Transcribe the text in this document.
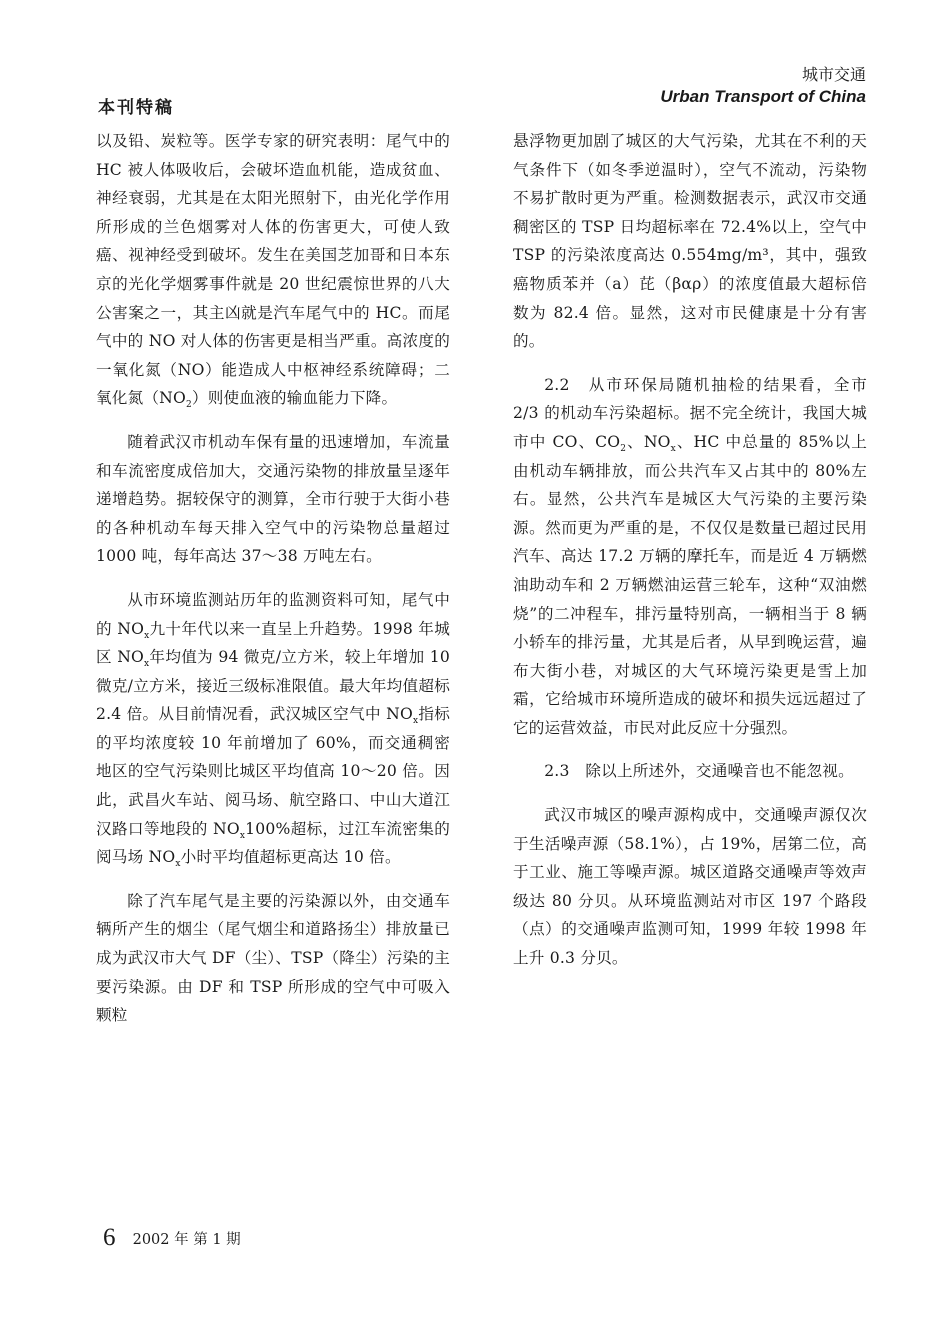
本刊特稿
城市交通
Urban Transport of China

以及铅、炭粒等。医学专家的研究表明：尾气中的 HC 被人体吸收后，会破坏造血机能，造成贫血、神经衰弱，尤其是在太阳光照射下，由光化学作用所形成的兰色烟雾对人体的伤害更大，可使人致癌、视神经受到破坏。发生在美国芝加哥和日本东京的光化学烟雾事件就是 20 世纪震惊世界的八大公害案之一，其主凶就是汽车尾气中的 HC。而尾气中的 NO 对人体的伤害更是相当严重。高浓度的一氧化氮（NO）能造成人中枢神经系统障碍；二氧化氮$(NO_2)$则使血液的输血能力下降。

随着武汉市机动车保有量的迅速增加，车流量和车流密度成倍加大，交通污染物的排放量呈逐年递增趋势。据较保守的测算，全市行驶于大街小巷的各种机动车每天排入空气中的污染物总量超过 1000 吨，每年高达 37～38 万吨左右。

从市环境监测站历年的监测资料可知，尾气中的 $NO_x$九十年代以来一直呈上升趋势。1998 年城区 $NO_x$年均值为 94 微克/立方米，较上年增加 10 微克/立方米，接近三级标准限值。最大年均值超标 2.4 倍。从目前情况看，武汉城区空气中 $NO_x$指标的平均浓度较 10 年前增加了 60%，而交通稠密地区的空气污染则比城区平均值高 10～20 倍。因此，武昌火车站、阅马场、航空路口、中山大道江汉路口等地段的 $NO_x100\%$超标，过江车流密集的阅马场 $NO_x$小时平均值超标更高达 10 倍。

除了汽车尾气是主要的污染源以外，由交通车辆所产生的烟尘（尾气烟尘和道路扬尘）排放量已成为武汉市大气 DF（尘）、TSP（降尘）污染的主要污染源。由 DF 和 TSP 所形成的空气中可吸入颗粒

悬浮物更加剧了城区的大气污染，尤其在不利的天气条件下（如冬季逆温时），空气不流动，污染物不易扩散时更为严重。检测数据表示，武汉市交通稠密区的 TSP 日均超标率在 72.4%以上，空气中 TSP 的污染浓度高达 0.554mg/m³，其中，强致癌物质苯并（a）芘（βαρ）的浓度值最大超标倍数为 82.4 倍。显然，这对市民健康是十分有害的。

2.2　从市环保局随机抽检的结果看，全市 2/3 的机动车污染超标。据不完全统计，我国大城市中 CO、$CO_2$、$NO_x$、HC 中总量的 85%以上由机动车辆排放，而公共汽车又占其中的 80%左右。显然，公共汽车是城区大气污染的主要污染源。然而更为严重的是，不仅仅是数量已超过民用汽车、高达 17.2 万辆的摩托车，而是近 4 万辆燃油助动车和 2 万辆燃油运营三轮车，这种“双油燃烧”的二冲程车，排污量特别高，一辆相当于 8 辆小轿车的排污量，尤其是后者，从早到晚运营，遍布大街小巷，对城区的大气环境污染更是雪上加霜，它给城市环境所造成的破坏和损失远远超过了它的运营效益，市民对此反应十分强烈。

2.3　除以上所述外，交通噪音也不能忽视。

武汉市城区的噪声源构成中，交通噪声源仅次于生活噪声源（58.1%），占 19%，居第二位，高于工业、施工等噪声源。城区道路交通噪声等效声级达 80 分贝。从环境监测站对市区 197 个路段（点）的交通噪声监测可知，1999 年较 1998 年上升 0.3 分贝。

6 2002 年 第 1 期
